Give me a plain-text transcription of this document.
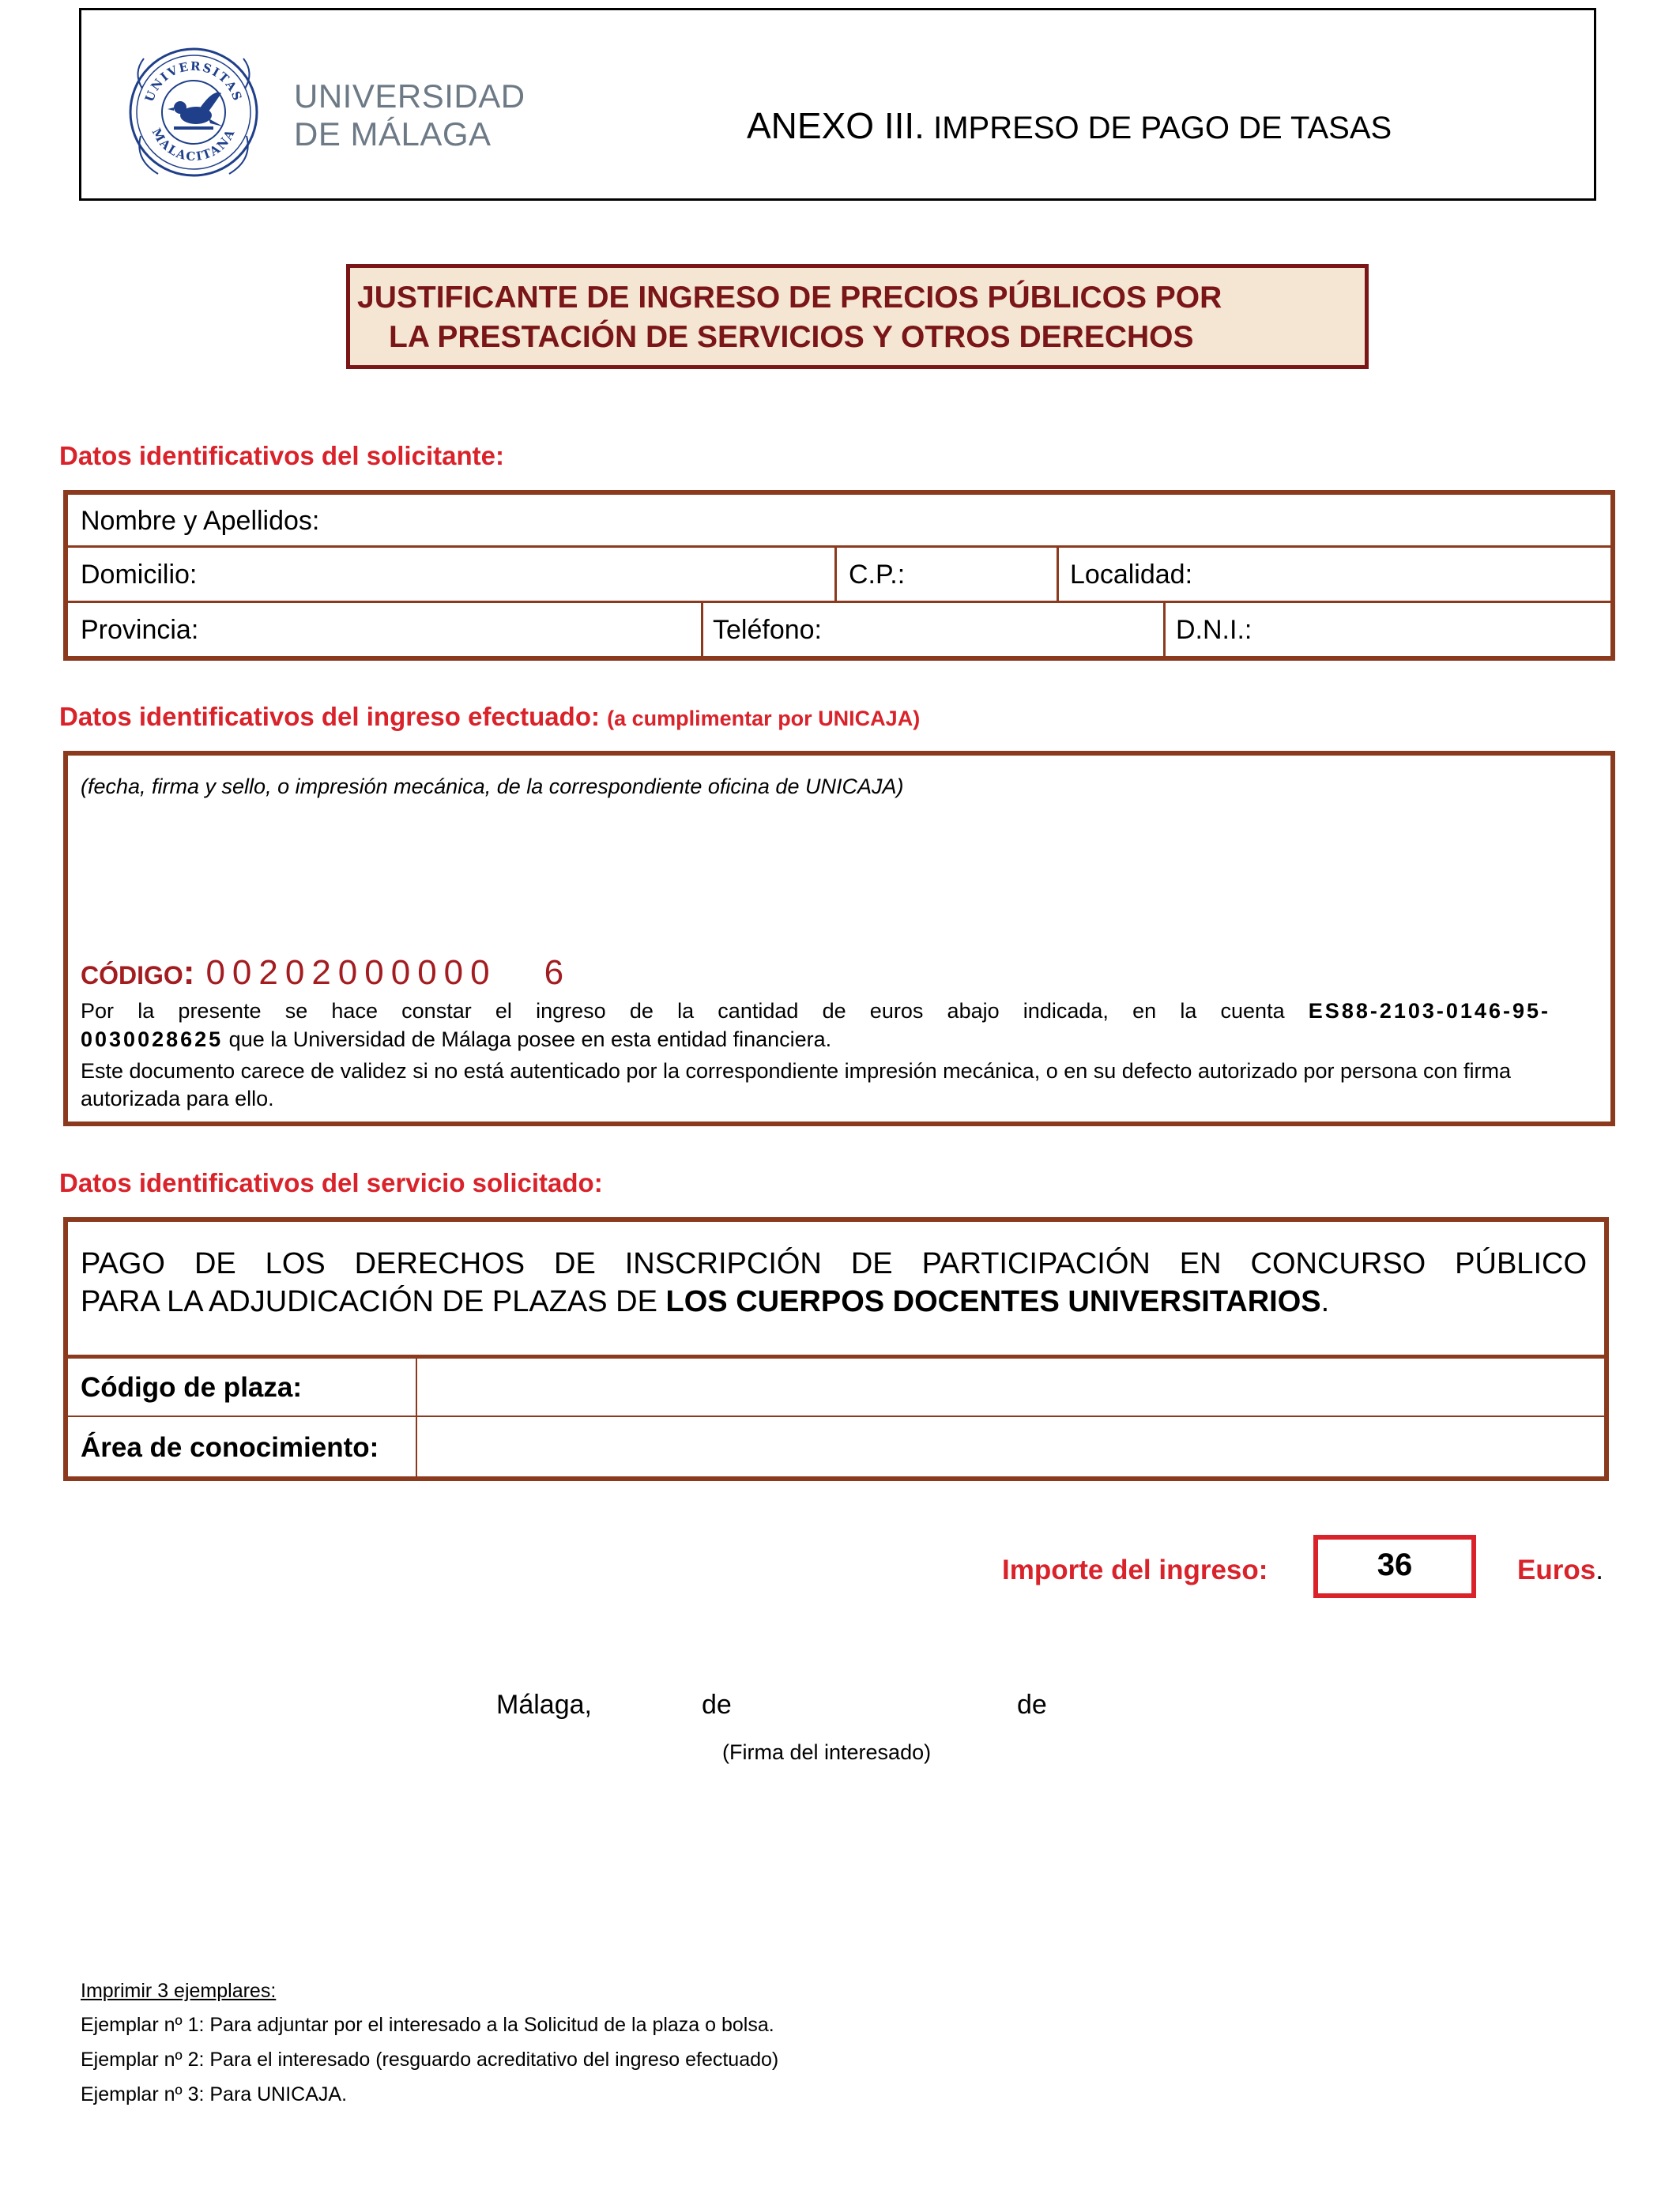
UNIVERSITAS
MALACITANA
UNIVERSIDAD
DE MÁLAGA	ANEXO III. IMPRESO DE PAGO DE TASAS
JUSTIFICANTE DE INGRESO DE PRECIOS PÚBLICOS POR
LA PRESTACIÓN DE SERVICIOS Y OTROS DERECHOS
Datos identificativos del solicitante:
Nombre y Apellidos:
Domicilio:	C.P.:	Localidad:
Provincia:	Teléfono:	D.N.I.:
Datos identificativos del ingreso efectuado: (a cumplimentar por UNICAJA)
(fecha, firma y sello, o impresión mecánica, de la correspondiente oficina de UNICAJA)
CÓDIGO: 00202000000 6
Por la presente se hace constar el ingreso de la cantidad de euros abajo indicada, en la cuenta ES88-2103-0146-95-
0030028625 que la Universidad de Málaga posee en esta entidad financiera.
Este documento carece de validez si no está autenticado por la correspondiente impresión mecánica, o en su defecto autorizado por persona con firma autorizada para ello.
Datos identificativos del servicio solicitado:
Código de plaza:
Área de conocimiento:
PAGO DE LOS DERECHOS DE INSCRIPCIÓN DE PARTICIPACIÓN EN CONCURSO PÚBLICO
PARA LA ADJUDICACIÓN DE PLAZAS DE LOS CUERPOS DOCENTES UNIVERSITARIOS.
Importe del ingreso:	36	Euros.
Málaga,	de	de
(Firma del interesado)
Imprimir 3 ejemplares:
Ejemplar nº 1: Para adjuntar por el interesado a la Solicitud de la plaza o bolsa.
Ejemplar nº 2: Para el interesado (resguardo acreditativo del ingreso efectuado)
Ejemplar nº 3: Para UNICAJA.
